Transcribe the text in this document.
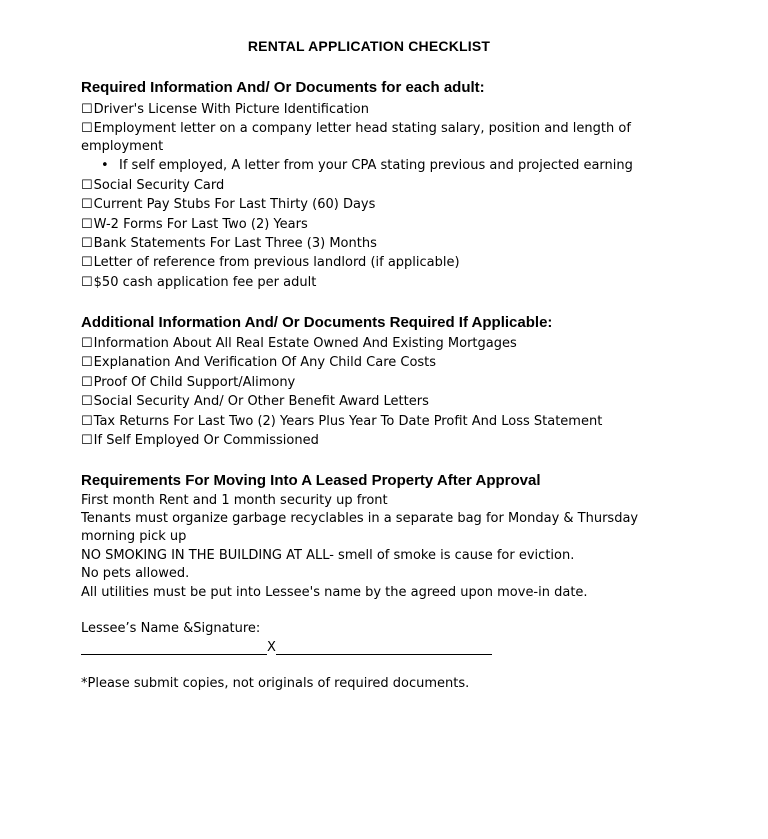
RENTAL APPLICATION CHECKLIST
Required Information And/ Or Documents for each adult:
☐Driver's License With Picture Identification
☐Employment letter on a company letter head stating salary, position and length of employment
• If self employed, A letter from your CPA stating previous and projected earning
☐Social Security Card
☐Current Pay Stubs For Last Thirty (60) Days
☐W-2 Forms For Last Two (2) Years
☐Bank Statements For Last Three (3) Months
☐Letter of reference from previous landlord (if applicable)
☐$50 cash application fee per adult
Additional Information And/ Or Documents Required If Applicable:
☐Information About All Real Estate Owned And Existing Mortgages
☐Explanation And Verification Of Any Child Care Costs
☐Proof Of Child Support/Alimony
☐Social Security And/ Or Other Benefit Award Letters
☐Tax Returns For Last Two (2) Years Plus Year To Date Profit And Loss Statement
☐If Self Employed Or Commissioned
Requirements For Moving Into A Leased Property After Approval
First month Rent and 1 month security up front
Tenants must organize garbage recyclables in a separate bag for Monday & Thursday morning pick up
NO SMOKING IN THE BUILDING AT ALL- smell of smoke is cause for eviction.
No pets allowed.
All utilities must be put into Lessee's name by the agreed upon move-in date.
Lessee’s Name &Signature:
X
*Please submit copies, not originals of required documents.
